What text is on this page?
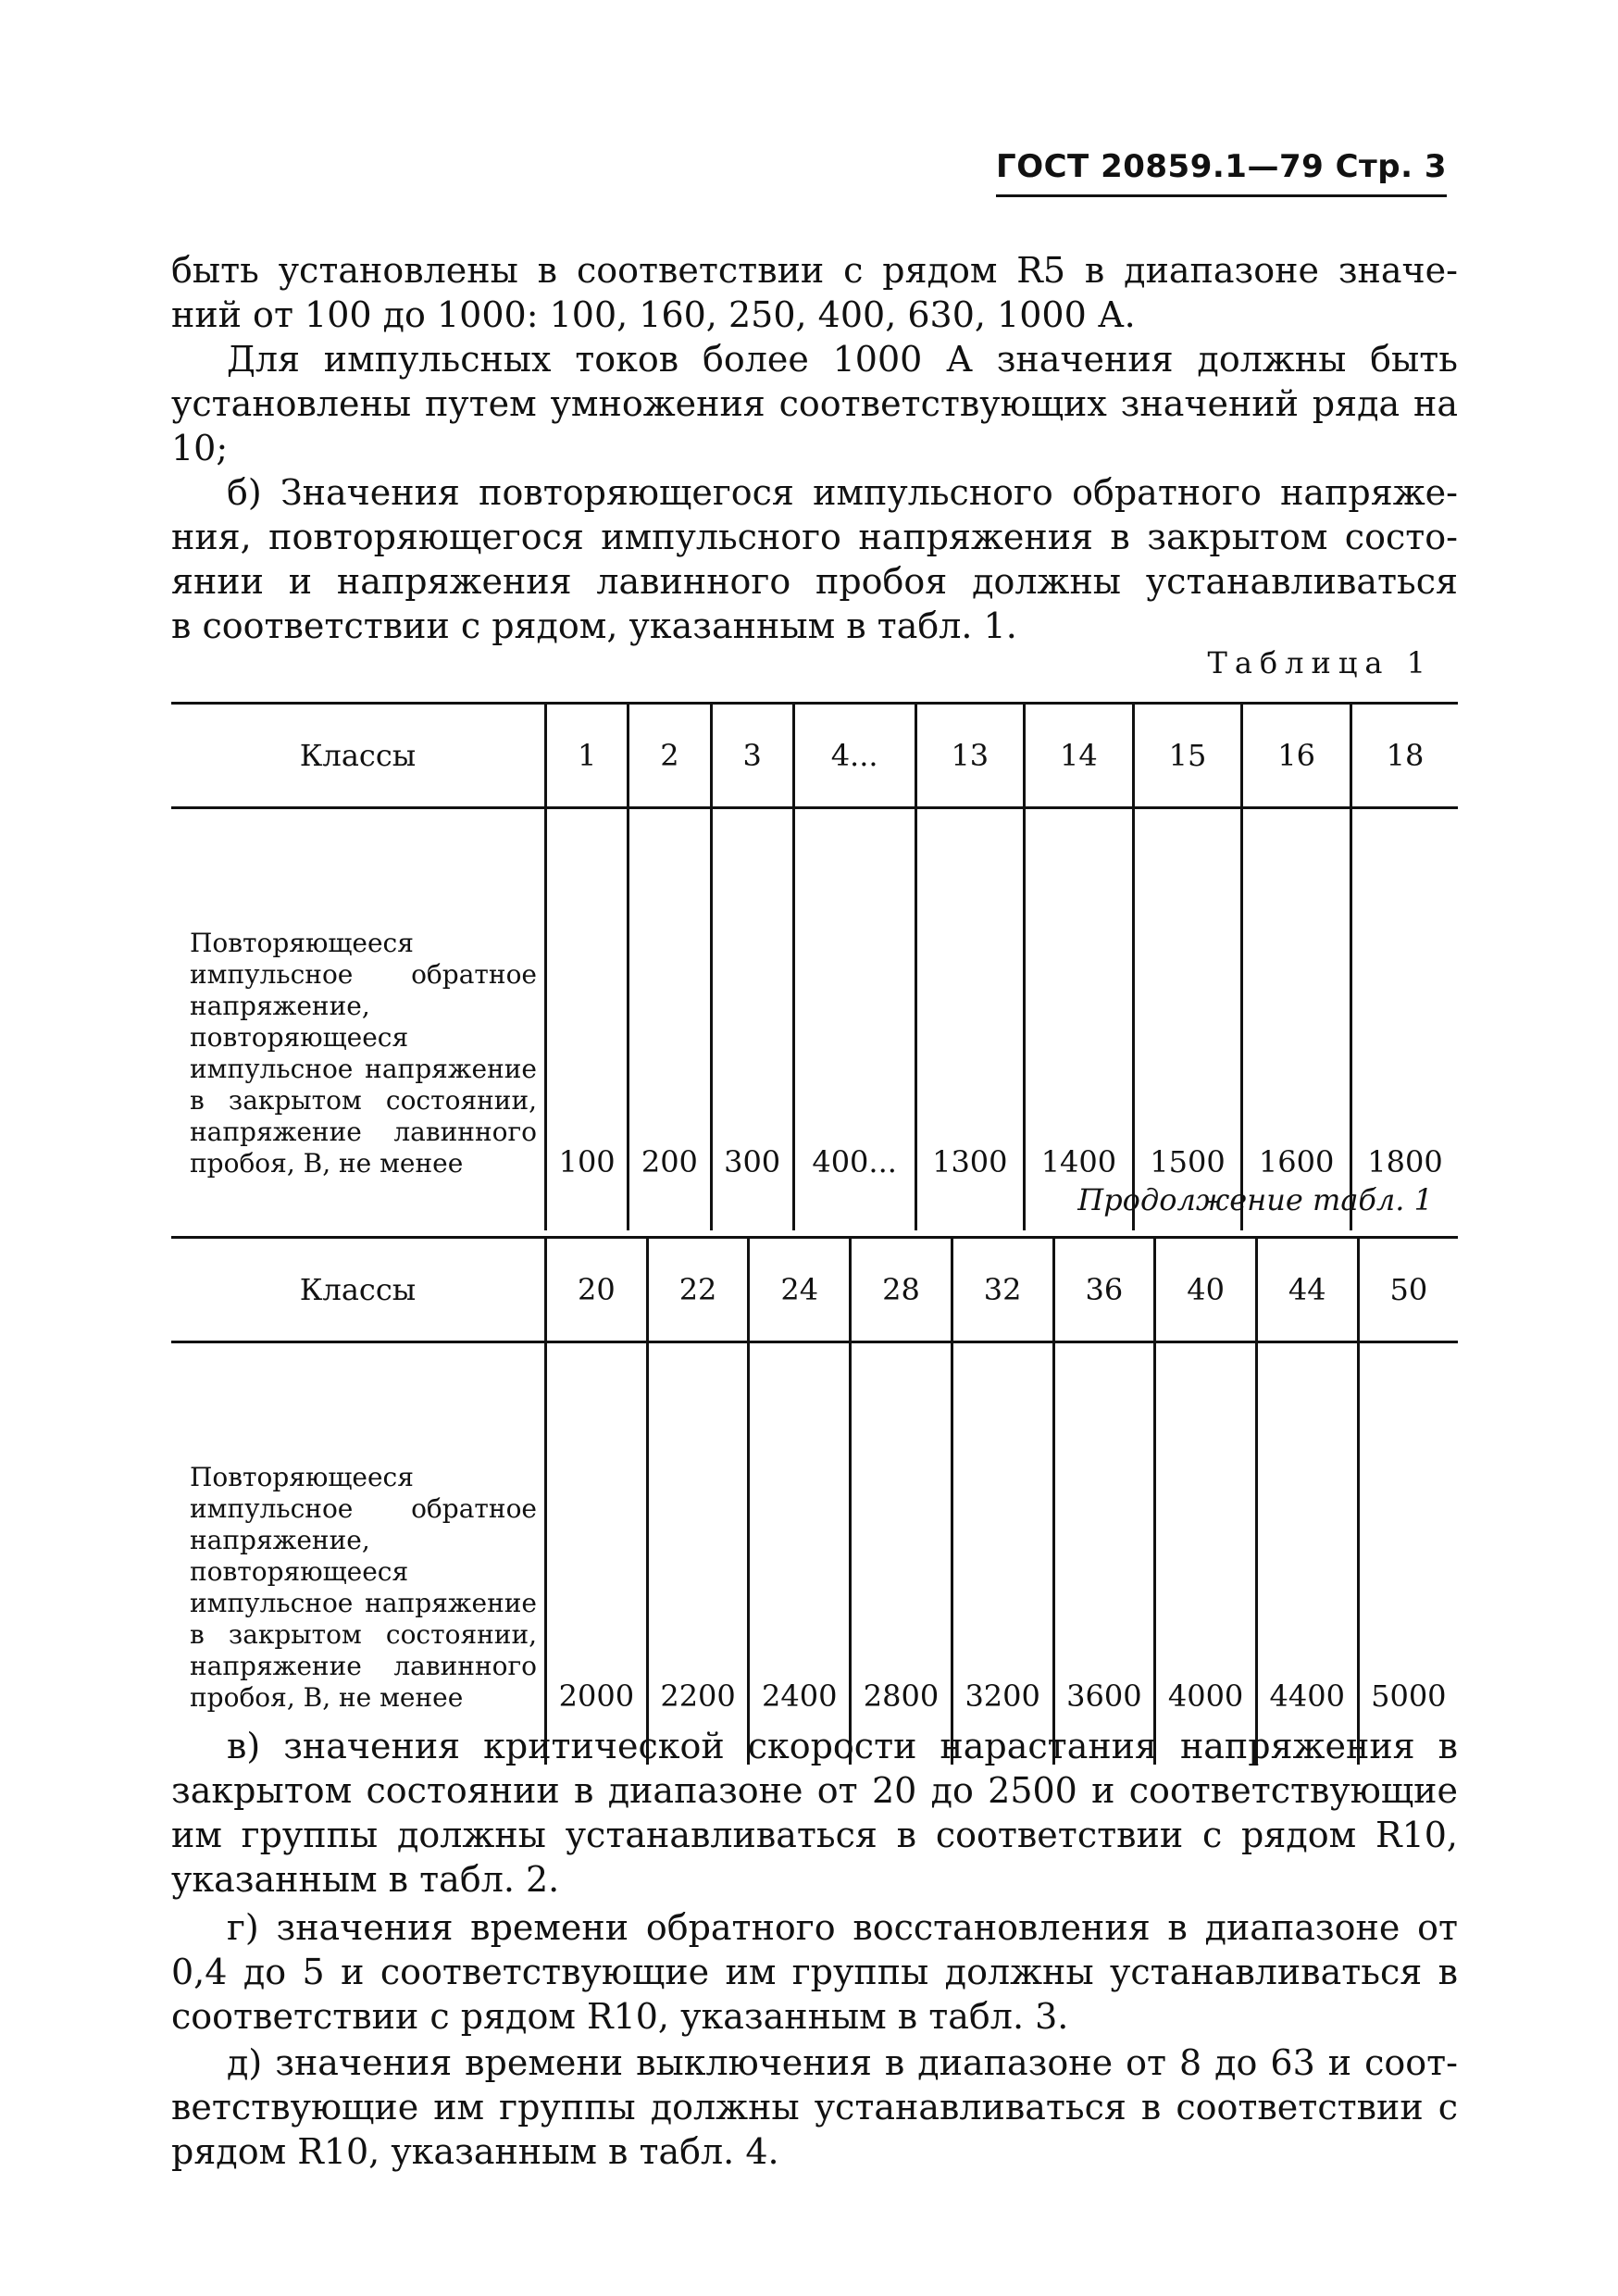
ГОСТ 20859.1—79 Стр. 3
быть установлены в соответствии с рядом R5 в диапазоне значе-
ний от 100 до 1000: 100, 160, 250, 400, 630, 1000 А.
Для импульсных токов более 1000 А значения должны быть
установлены путем умножения соответствующих значений ряда на
10;
б) Значения повторяющегося импульсного обратного напряже-
ния, повторяющегося импульсного напряжения в закрытом состо-
янии и напряжения лавинного пробоя должны устанавливаться
в соответствии с рядом, указанным в табл. 1.
Таблица 1
Классы	1	2	3	4...	13	14	15	16	18
Повторяющееся импульсное обратное напряжение, повторяющееся импульсное напряжение в закрытом состоянии, напряжение лавинного пробоя, В, не менее	100	200	300	400...	1300	1400	1500	1600	1800
Продолжение табл. 1
Классы	20	22	24	28	32	36	40	44	50
Повторяющееся импульсное обратное напряжение, повторяющееся импульсное напряжение в закрытом состоянии, напряжение лавинного пробоя, В, не менее	2000	2200	2400	2800	3200	3600	4000	4400	5000
в) значения критической скорости нарастания напряжения в
закрытом состоянии в диапазоне от 20 до 2500 и соответствующие
им группы должны устанавливаться в соответствии с рядом R10,
указанным в табл. 2.
г) значения времени обратного восстановления в диапазоне от
0,4 до 5 и соответствующие им группы должны устанавливаться в
соответствии с рядом R10, указанным в табл. 3.
д) значения времени выключения в диапазоне от 8 до 63 и соот-
ветствующие им группы должны устанавливаться в соответствии с
рядом R10, указанным в табл. 4.
